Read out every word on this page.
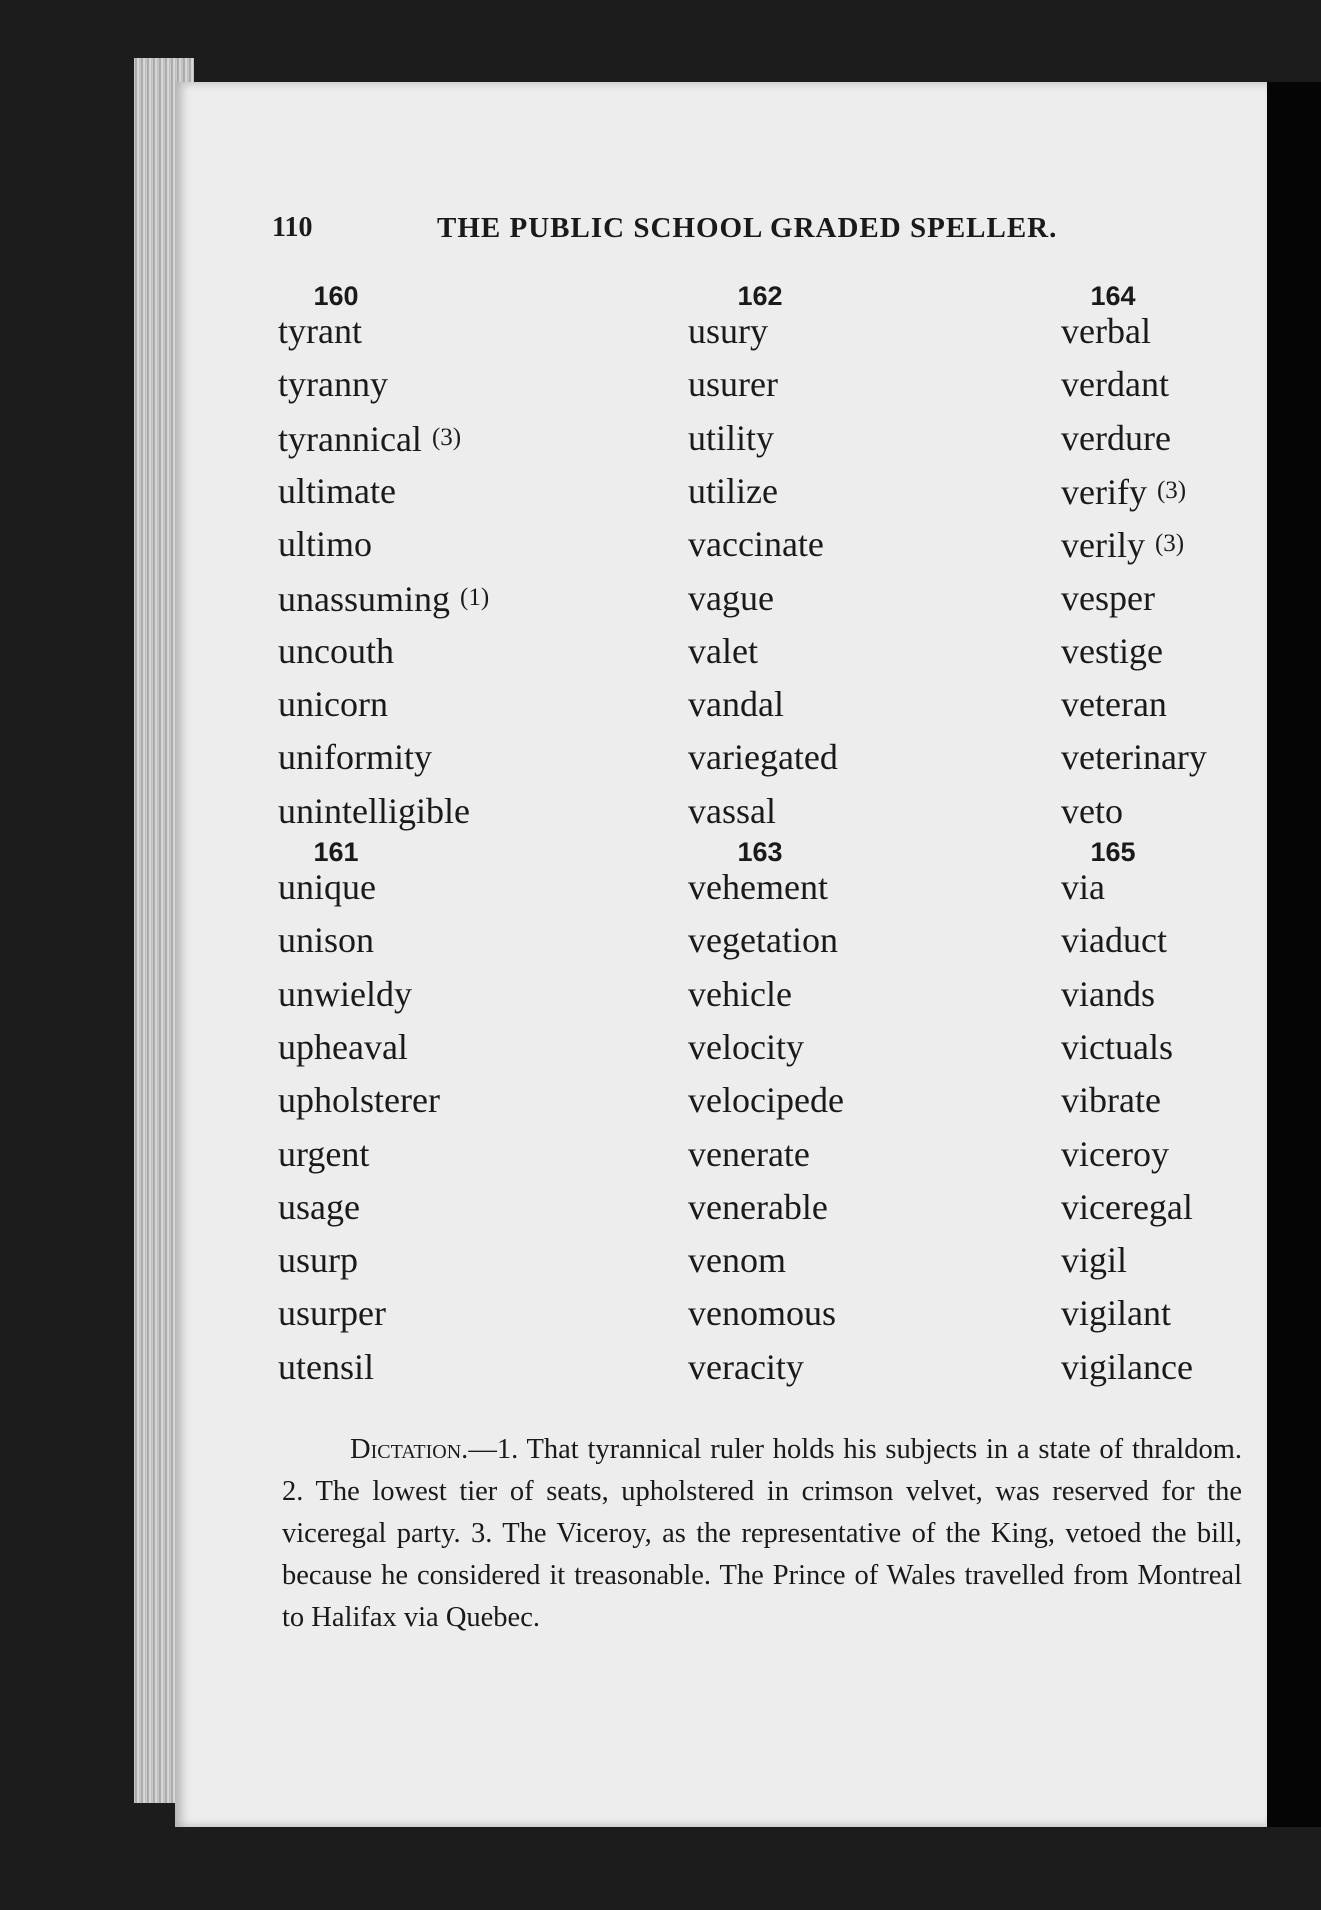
110	THE PUBLIC SCHOOL GRADED SPELLER.
160
tyrant
tyranny
tyrannical (3)
ultimate
ultimo
unassuming (1)
uncouth
unicorn
uniformity
unintelligible
161
unique
unison
unwieldy
upheaval
upholsterer
urgent
usage
usurp
usurper
utensil
162
usury
usurer
utility
utilize
vaccinate
vague
valet
vandal
variegated
vassal
163
vehement
vegetation
vehicle
velocity
velocipede
venerate
venerable
venom
venomous
veracity
164
verbal
verdant
verdure
verify (3)
verily (3)
vesper
vestige
veteran
veterinary
veto
165
via
viaduct
viands
victuals
vibrate
viceroy
viceregal
vigil
vigilant
vigilance

Dictation.—1. That tyrannical ruler holds his subjects in a state of thraldom. 2. The lowest tier of seats, upholstered in crimson velvet, was reserved for the viceregal party. 3. The Viceroy, as the representative of the King, vetoed the bill, because he considered it treasonable. The Prince of Wales travelled from Montreal to Halifax via Quebec.
